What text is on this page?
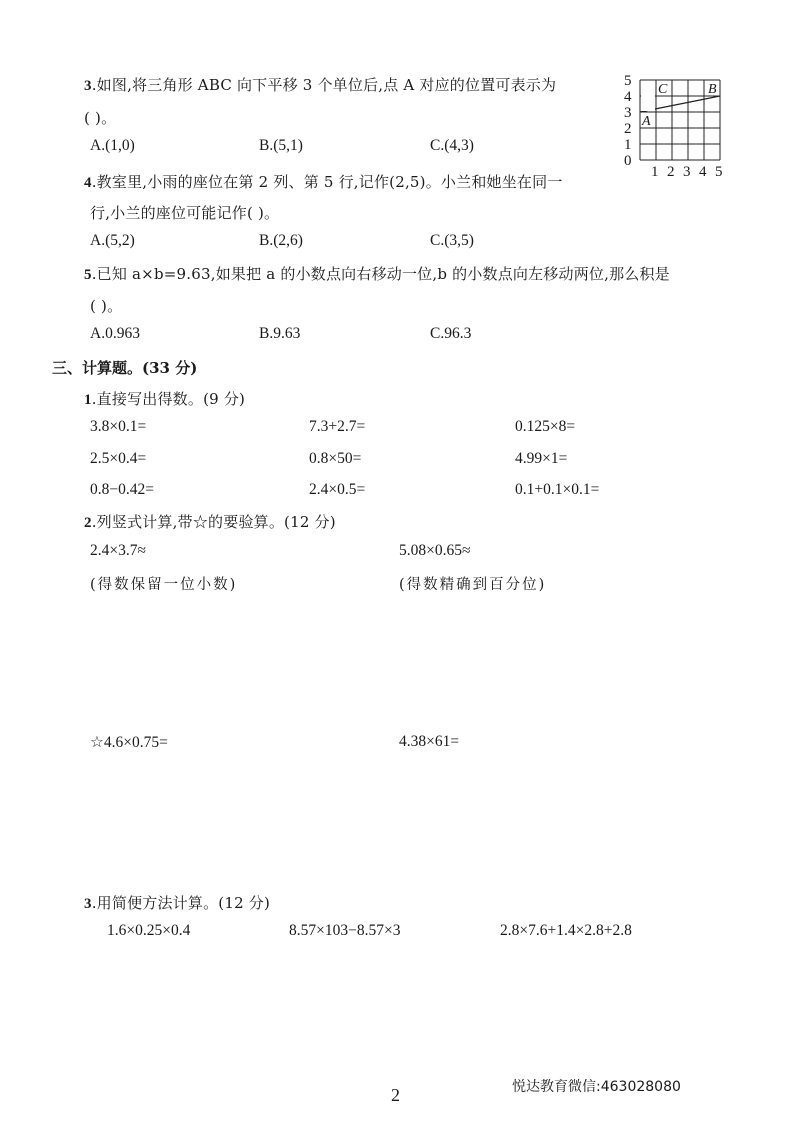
3.如图,将三角形 ABC 向下平移 3 个单位后,点 A 对应的位置可表示为
( )。
A.(1,0)	B.(5,1)	C.(4,3)
5
4
3
2
1
0
1 2 3 4 5
C	B
A
4.教室里,小雨的座位在第 2 列、第 5 行,记作(2,5)。小兰和她坐在同一
行,小兰的座位可能记作( )。
A.(5,2)	B.(2,6)	C.(3,5)
5.已知 a×b=9.63,如果把 a 的小数点向右移动一位,b 的小数点向左移动两位,那么积是
( )。
A.0.963	B.9.63	C.96.3
三、计算题。(33 分)
1.直接写出得数。(9 分)
3.8×0.1=	7.3+2.7=	0.125×8=
2.5×0.4=	0.8×50=	4.99×1=
0.8−0.42=	2.4×0.5=	0.1+0.1×0.1=
2.列竖式计算,带☆的要验算。(12 分)
2.4×3.7≈	5.08×0.65≈
(得数保留一位小数)	(得数精确到百分位)
☆4.6×0.75=	4.38×61=
3.用简便方法计算。(12 分)
1.6×0.25×0.4	8.57×103−8.57×3	2.8×7.6+1.4×2.8+2.8
悦达教育微信:463028080
2
